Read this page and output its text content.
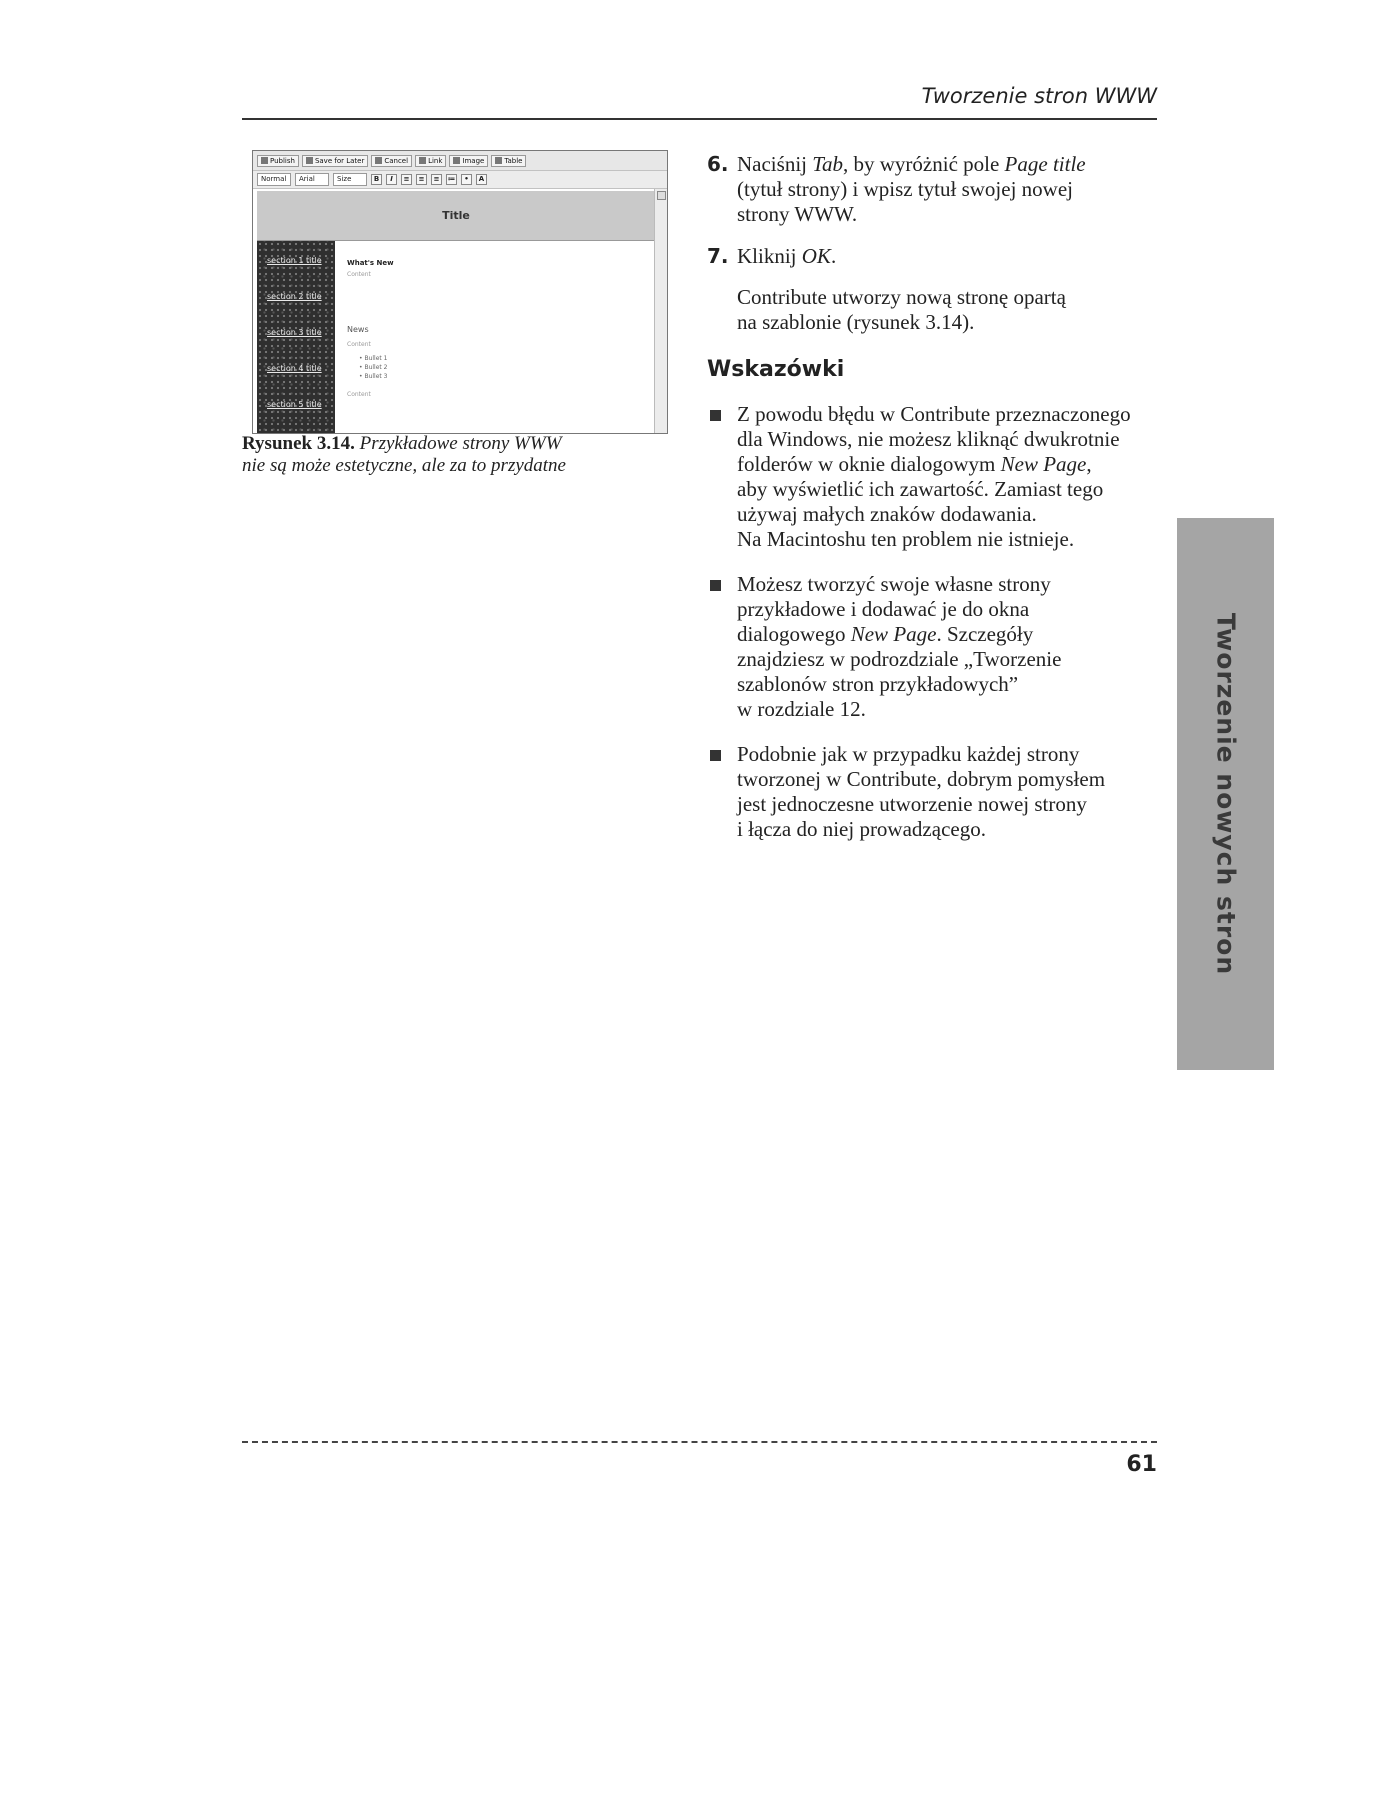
Tworzenie stron WWW
Publish	Save for Later	Cancel	Link	Image	Table
Normal	Arial	Size	B	I	≡	≡	≡	≔	•	A
Title
section 1 title
section 2 title
section 3 title
section 4 title
section 5 title
What's New
Content
News
Content
• Bullet 1
• Bullet 2
• Bullet 3
Content
Rysunek 3.14. Przykładowe strony WWW
nie są może estetyczne, ale za to przydatne
6. Naciśnij Tab, by wyróżnić pole Page title
(tytuł strony) i wpisz tytuł swojej nowej
strony WWW.
7. Kliknij OK.
Contribute utworzy nową stronę opartą
na szablonie (rysunek 3.14).
Wskazówki
Z powodu błędu w Contribute przeznaczonego
dla Windows, nie możesz kliknąć dwukrotnie
folderów w oknie dialogowym New Page,
aby wyświetlić ich zawartość. Zamiast tego
używaj małych znaków dodawania.
Na Macintoshu ten problem nie istnieje.
Możesz tworzyć swoje własne strony
przykładowe i dodawać je do okna
dialogowego New Page. Szczegóły
znajdziesz w podrozdziale „Tworzenie
szablonów stron przykładowych”
w rozdziale 12.
Podobnie jak w przypadku każdej strony
tworzonej w Contribute, dobrym pomysłem
jest jednoczesne utworzenie nowej strony
i łącza do niej prowadzącego.	Tworzenie nowych stron
61
